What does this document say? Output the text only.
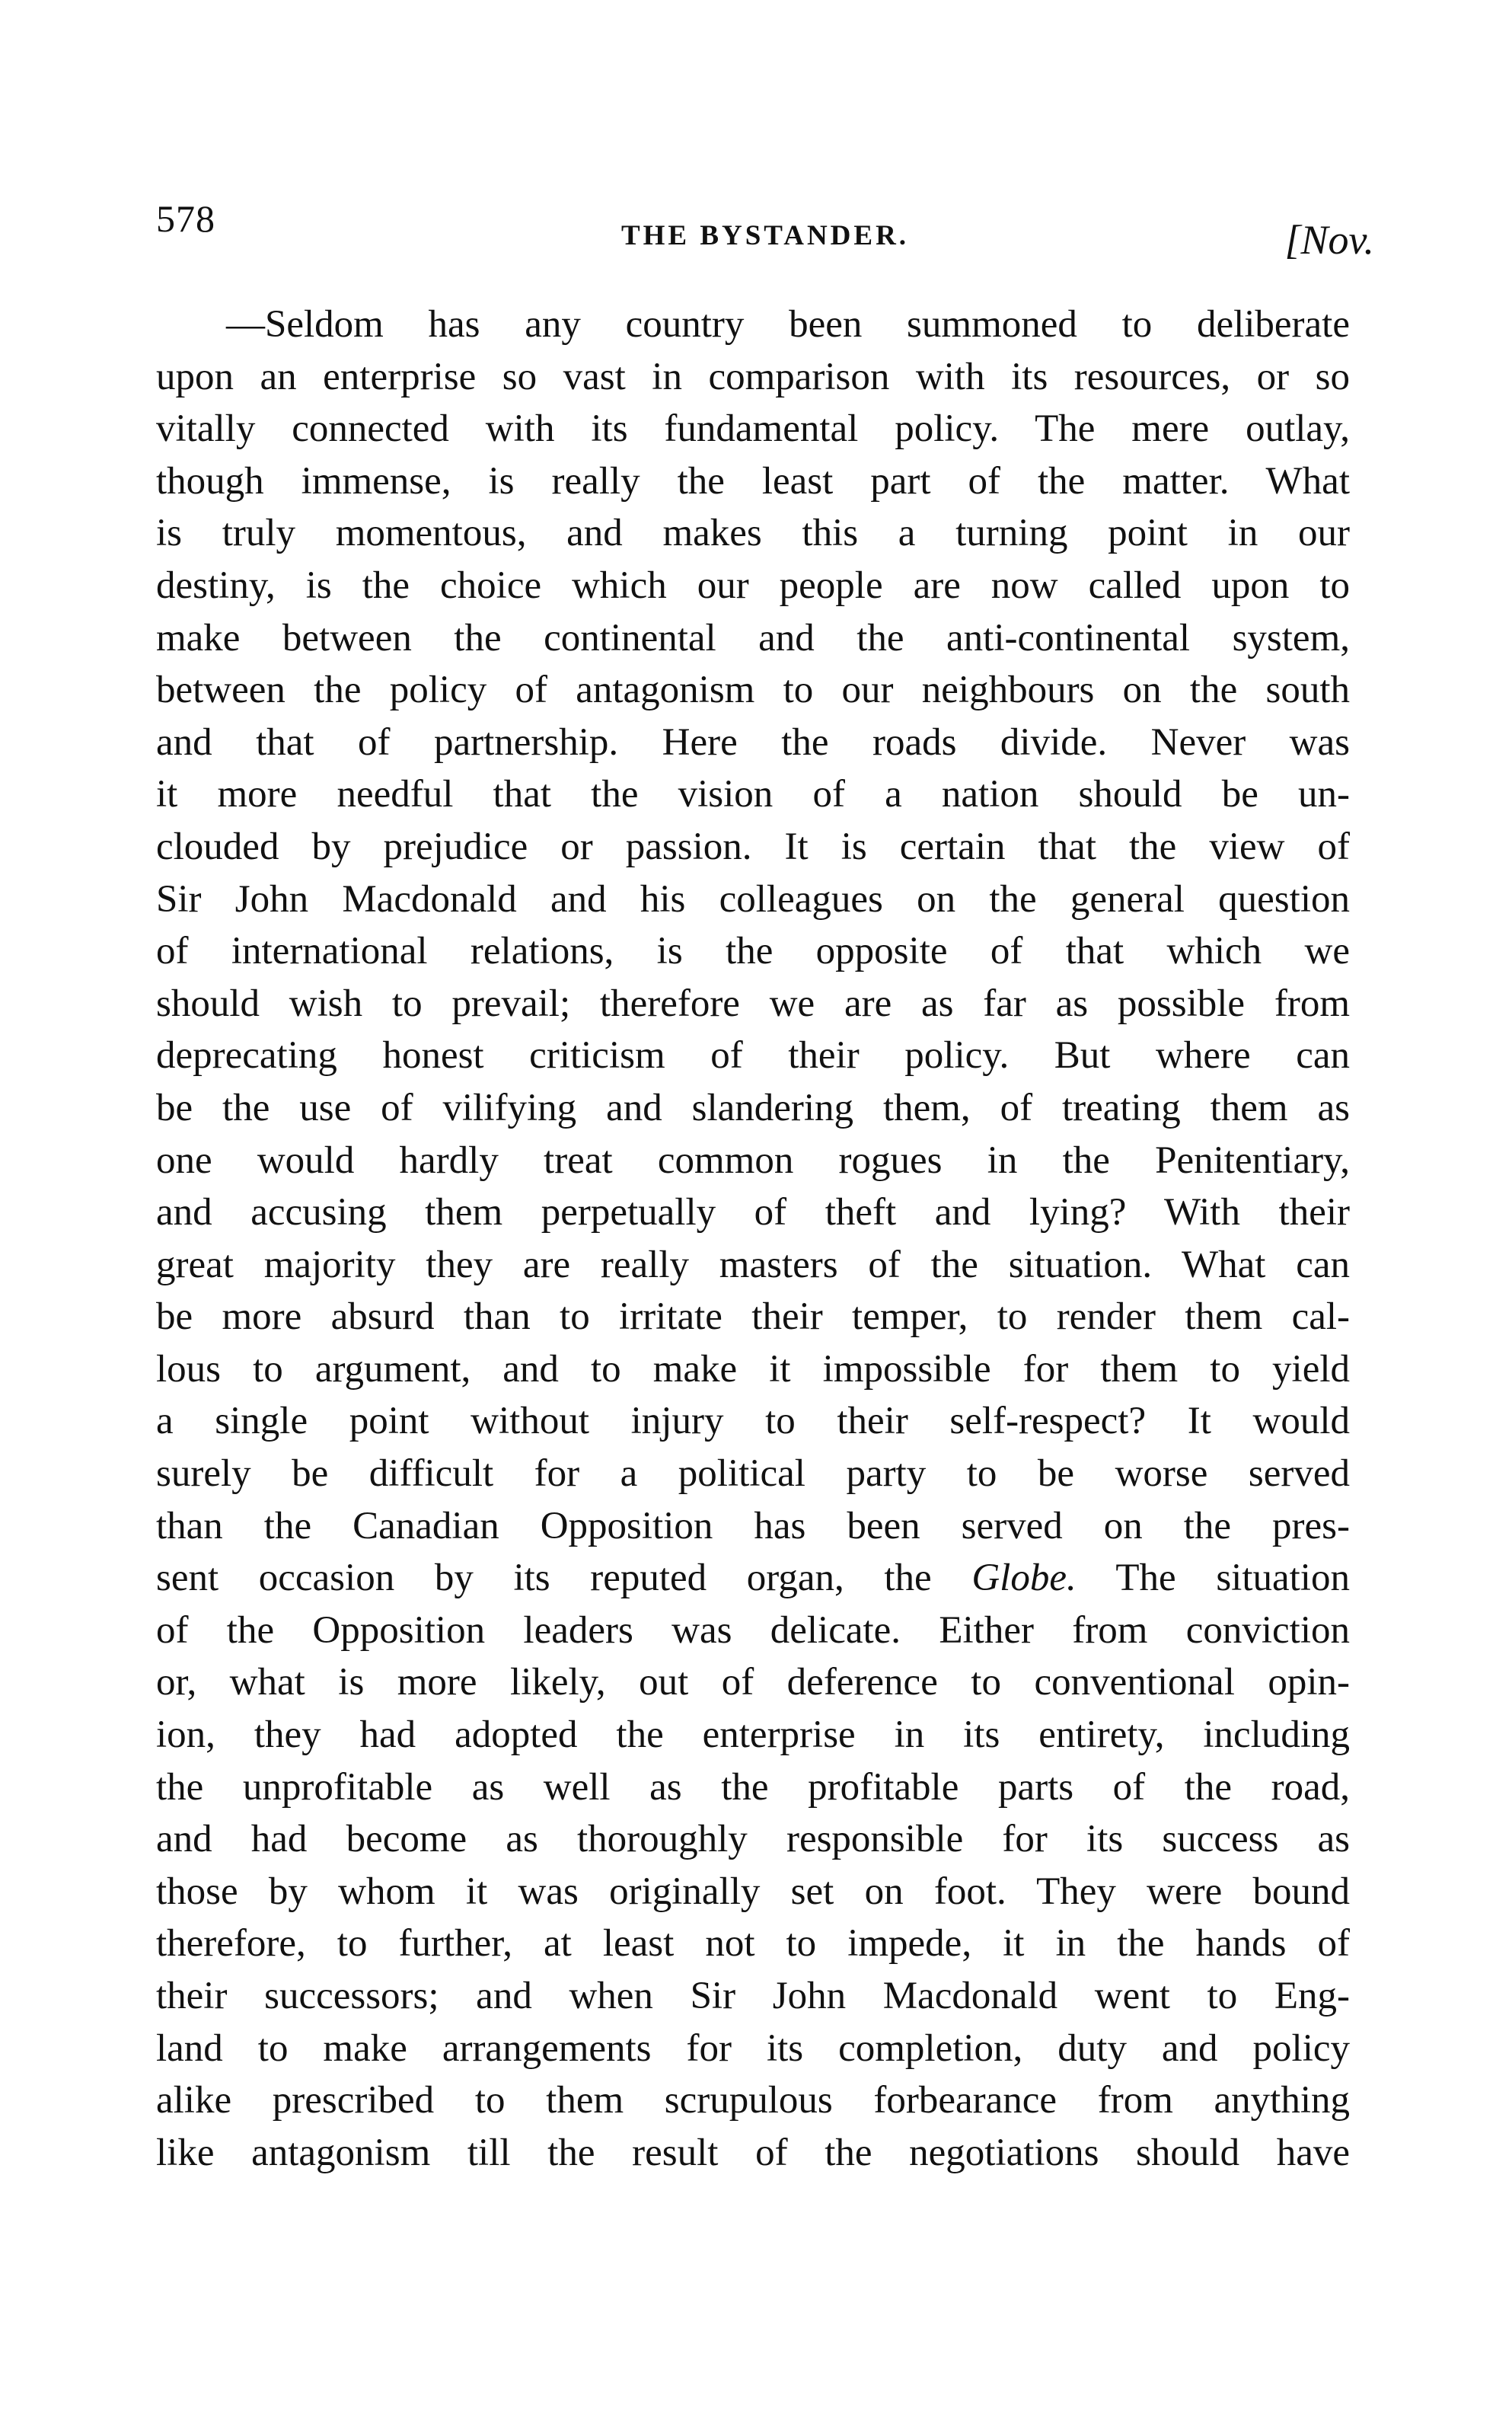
578	THE BYSTANDER.	[Nov.
—Seldom has any country been summoned to deliberate
upon an enterprise so vast in comparison with its resources, or so
vitally connected with its fundamental policy. The mere outlay,
though immense, is really the least part of the matter. What
is truly momentous, and makes this a turning point in our
destiny, is the choice which our people are now called upon to
make between the continental and the anti-continental system,
between the policy of antagonism to our neighbours on the south
and that of partnership. Here the roads divide. Never was
it more needful that the vision of a nation should be un-
clouded by prejudice or passion. It is certain that the view of
Sir John Macdonald and his colleagues on the general question
of international relations, is the opposite of that which we
should wish to prevail; therefore we are as far as possible from
deprecating honest criticism of their policy. But where can
be the use of vilifying and slandering them, of treating them as
one would hardly treat common rogues in the Penitentiary,
and accusing them perpetually of theft and lying? With their
great majority they are really masters of the situation. What can
be more absurd than to irritate their temper, to render them cal-
lous to argument, and to make it impossible for them to yield
a single point without injury to their self-respect? It would
surely be difficult for a political party to be worse served
than the Canadian Opposition has been served on the pres-
sent occasion by its reputed organ, the Globe. The situation
of the Opposition leaders was delicate. Either from conviction
or, what is more likely, out of deference to conventional opin-
ion, they had adopted the enterprise in its entirety, including
the unprofitable as well as the profitable parts of the road,
and had become as thoroughly responsible for its success as
those by whom it was originally set on foot. They were bound
therefore, to further, at least not to impede, it in the hands of
their successors; and when Sir John Macdonald went to Eng-
land to make arrangements for its completion, duty and policy
alike prescribed to them scrupulous forbearance from anything
like antagonism till the result of the negotiations should have
